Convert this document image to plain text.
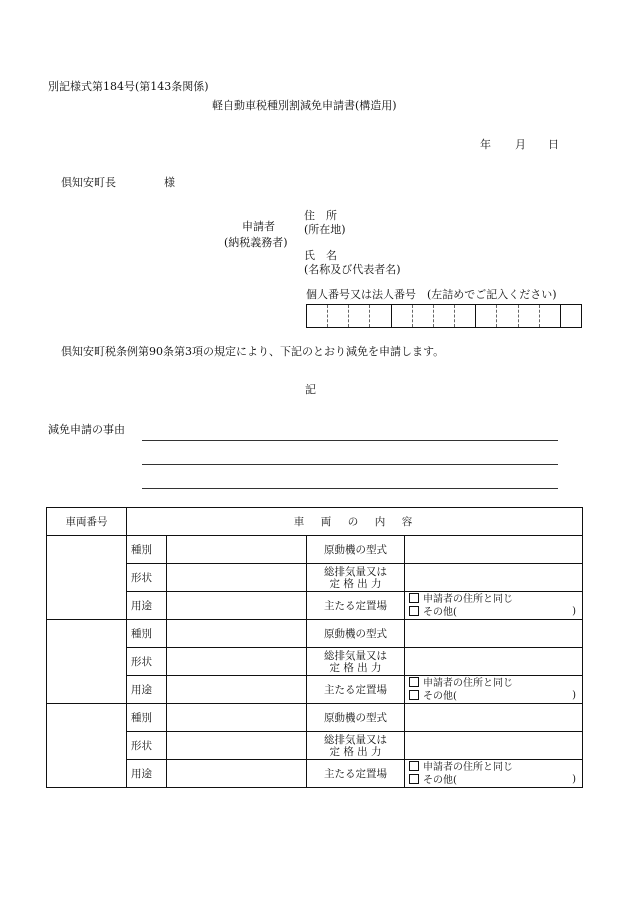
別記様式第184号(第143条関係)
軽自動車税種別割減免申請書(構造用)
年 月 日
倶知安町長	様
申請者
(納税義務者)
住　所
(所在地)
氏　名
(名称及び代表者名)
個人番号又は法人番号　(左詰めでご記入ください)
倶知安町税条例第90条第3項の規定により、下記のとおり減免を申請します。
記
減免申請の事由
車両番号	車　両　の　内　容			
	種別		原動機の型式	
	形状		総排気量又は
定 格 出 力	

	用途		主たる定置場	申請者の住所と同じ
その他( )

	種別		原動機の型式	
	形状		総排気量又は
定 格 出 力	

	用途		主たる定置場	申請者の住所と同じ
その他( )

	種別		原動機の型式	
	形状		総排気量又は
定 格 出 力	

	用途		主たる定置場	申請者の住所と同じ
その他( )
